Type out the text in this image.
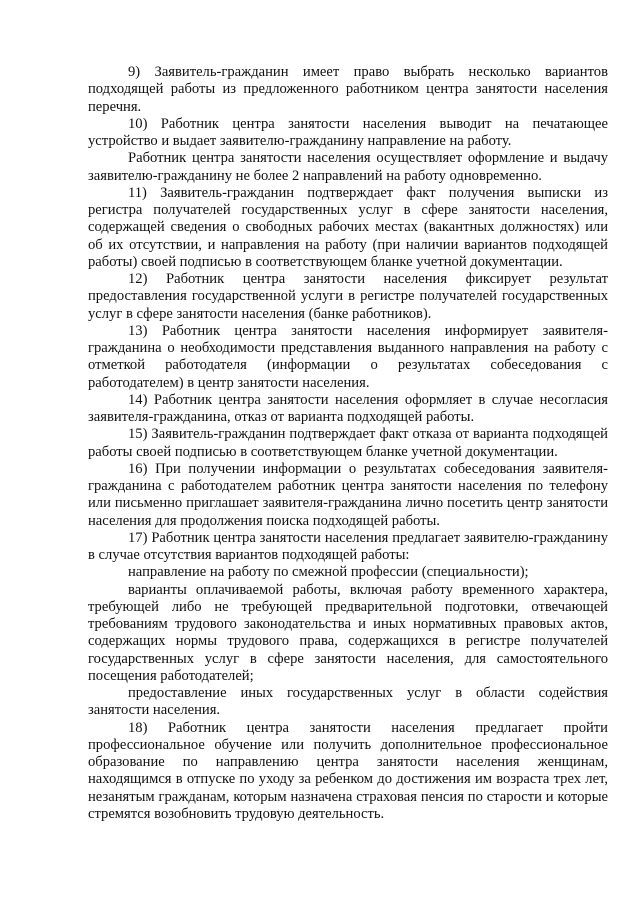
9) Заявитель-гражданин имеет право выбрать несколько вариантов подходящей работы из предложенного работником центра занятости населения перечня.

10) Работник центра занятости населения выводит на печатающее устройство и выдает заявителю-гражданину направление на работу.

Работник центра занятости населения осуществляет оформление и выдачу заявителю-гражданину не более 2 направлений на работу одновременно.

11) Заявитель-гражданин подтверждает факт получения выписки из регистра получателей государственных услуг в сфере занятости населения, содержащей сведения о свободных рабочих местах (вакантных должностях) или об их отсутствии, и направления на работу (при наличии вариантов подходящей работы) своей подписью в соответствующем бланке учетной документации.

12) Работник центра занятости населения фиксирует результат предоставления государственной услуги в регистре получателей государственных услуг в сфере занятости населения (банке работников).

13) Работник центра занятости населения информирует заявителя-гражданина о необходимости представления выданного направления на работу с отметкой работодателя (информации о результатах собеседования с работодателем) в центр занятости населения.

14) Работник центра занятости населения оформляет в случае несогласия заявителя-гражданина, отказ от варианта подходящей работы.

15) Заявитель-гражданин подтверждает факт отказа от варианта подходящей работы своей подписью в соответствующем бланке учетной документации.

16) При получении информации о результатах собеседования заявителя-гражданина с работодателем работник центра занятости населения по телефону или письменно приглашает заявителя-гражданина лично посетить центр занятости населения для продолжения поиска подходящей работы.

17) Работник центра занятости населения предлагает заявителю-гражданину в случае отсутствия вариантов подходящей работы:

направление на работу по смежной профессии (специальности);

варианты оплачиваемой работы, включая работу временного характера, требующей либо не требующей предварительной подготовки, отвечающей требованиям трудового законодательства и иных нормативных правовых актов, содержащих нормы трудового права, содержащихся в регистре получателей государственных услуг в сфере занятости населения, для самостоятельного посещения работодателей;

предоставление иных государственных услуг в области содействия занятости населения.

18) Работник центра занятости населения предлагает пройти профессиональное обучение или получить дополнительное профессиональное образование по направлению центра занятости населения женщинам, находящимся в отпуске по уходу за ребенком до достижения им возраста трех лет, незанятым гражданам, которым назначена страховая пенсия по старости и которые стремятся возобновить трудовую деятельность.
